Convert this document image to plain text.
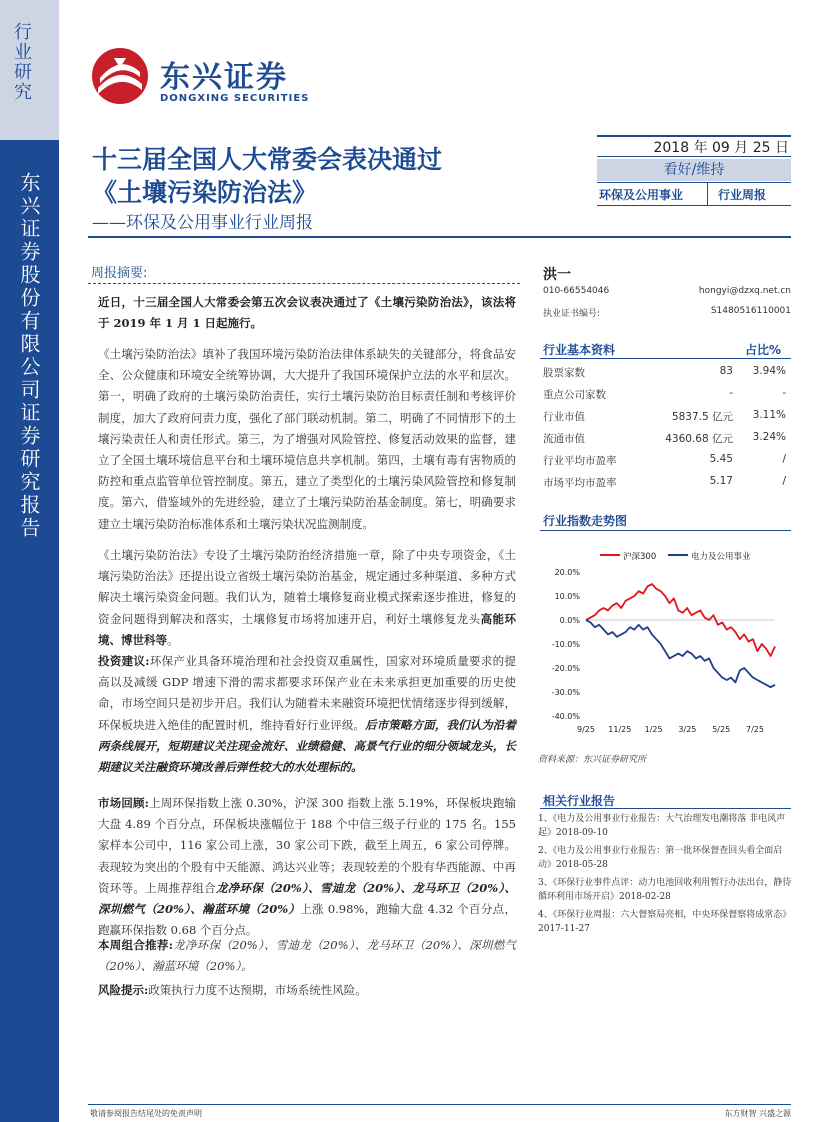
行业研究
东兴证券股份有限公司证券研究报告
东兴证券
DONGXING SECURITIES
十三届全国人大常委会表决通过
《土壤污染防治法》
——环保及公用事业行业周报
2018 年 09 月 25 日
看好/维持
环保及公用事业	行业周报
周报摘要:
近日，十三届全国人大常委会第五次会议表决通过了《土壤污染防治法》，该法将于 2019 年 1 月 1 日起施行。
《土壤污染防治法》填补了我国环境污染防治法律体系缺失的关键部分，将食品安全、公众健康和环境安全统筹协调，大大提升了我国环境保护立法的水平和层次。第一，明确了政府的土壤污染防治责任，实行土壤污染防治目标责任制和考核评价制度，加大了政府问责力度，强化了部门联动机制。第二，明确了不同情形下的土壤污染责任人和责任形式。第三，为了增强对风险管控、修复活动效果的监督，建立了全国土壤环境信息平台和土壤环境信息共享机制。第四，土壤有毒有害物质的防控和重点监管单位管控制度。第五，建立了类型化的土壤污染风险管控和修复制度。第六，借鉴域外的先进经验，建立了土壤污染防治基金制度。第七，明确要求建立土壤污染防治标准体系和土壤污染状况监测制度。
《土壤污染防治法》专设了土壤污染防治经济措施一章，除了中央专项资金，《土壤污染防治法》还提出设立省级土壤污染防治基金，规定通过多种渠道、多种方式解决土壤污染资金问题。我们认为，随着土壤修复商业模式探索逐步推进，修复的资金问题得到解决和落实，土壤修复市场将加速开启，利好土壤修复龙头高能环境、博世科等。
投资建议:环保产业具备环境治理和社会投资双重属性，国家对环境质量要求的提高以及减缓 GDP 增速下滑的需求都要求环保产业在未来承担更加重要的历史使命，市场空间只是初步开启。我们认为随着未来融资环境把忧情绪逐步得到缓解，环保板块进入绝佳的配置时机，维持看好行业评级。后市策略方面，我们认为沿着两条线展开，短期建议关注现金流好、业绩稳健、高景气行业的细分领域龙头，长期建议关注融资环境改善后弹性较大的水处理标的。
市场回顾:上周环保指数上涨 0.30%，沪深 300 指数上涨 5.19%，环保板块跑输大盘 4.89 个百分点，环保板块涨幅位于 188 个中信三级子行业的 175 名。155 家样本公司中，116 家公司上涨，30 家公司下跌，截至上周五，6 家公司停牌。表现较为突出的个股有中天能源、鸿达兴业等；表现较差的个股有华西能源、中再资环等。上周推荐组合龙净环保（20%）、雪迪龙（20%）、龙马环卫（20%）、深圳燃气（20%）、瀚蓝环境（20%）上涨 0.98%，跑输大盘 4.32 个百分点，跑赢环保指数 0.68 个百分点。
本周组合推荐:龙净环保（20%）、雪迪龙（20%）、龙马环卫（20%）、深圳燃气（20%）、瀚蓝环境（20%）。
风险提示:政策执行力度不达预期，市场系统性风险。
洪一
010-66554046	hongyi@dzxq.net.cn
执业证书编号:	S1480516110001
行业基本资料	占比%
股票家数	83 3.94%
重点公司家数	-	-
行业市值	5837.5 亿元 3.11%
流通市值	4360.68 亿元 3.24%
行业平均市盈率	5.45	/
市场平均市盈率	5.17	/
行业指数走势图
沪深300	电力及公用事业
20.0%
10.0%
0.0%
-10.0%
-20.0%
-30.0%
-40.0%
9/25 11/25 1/25 3/25 5/25 7/25
资料来源：东兴证券研究所
相关行业报告
1、《电力及公用事业行业报告：大气治理发电潮将落 非电风声起》2018-09-10
2、《电力及公用事业行业报告：第一批环保督查回头看全面启动》2018-05-28
3、《环保行业事件点评：动力电池回收利用暂行办法出台，静待循环利用市场开启》2018-02-28
4、《环保行业周报：六大督察局亮相，中央环保督察将成常态》2017-11-27
敬请参阅报告结尾处的免责声明	东方财智 兴盛之源
